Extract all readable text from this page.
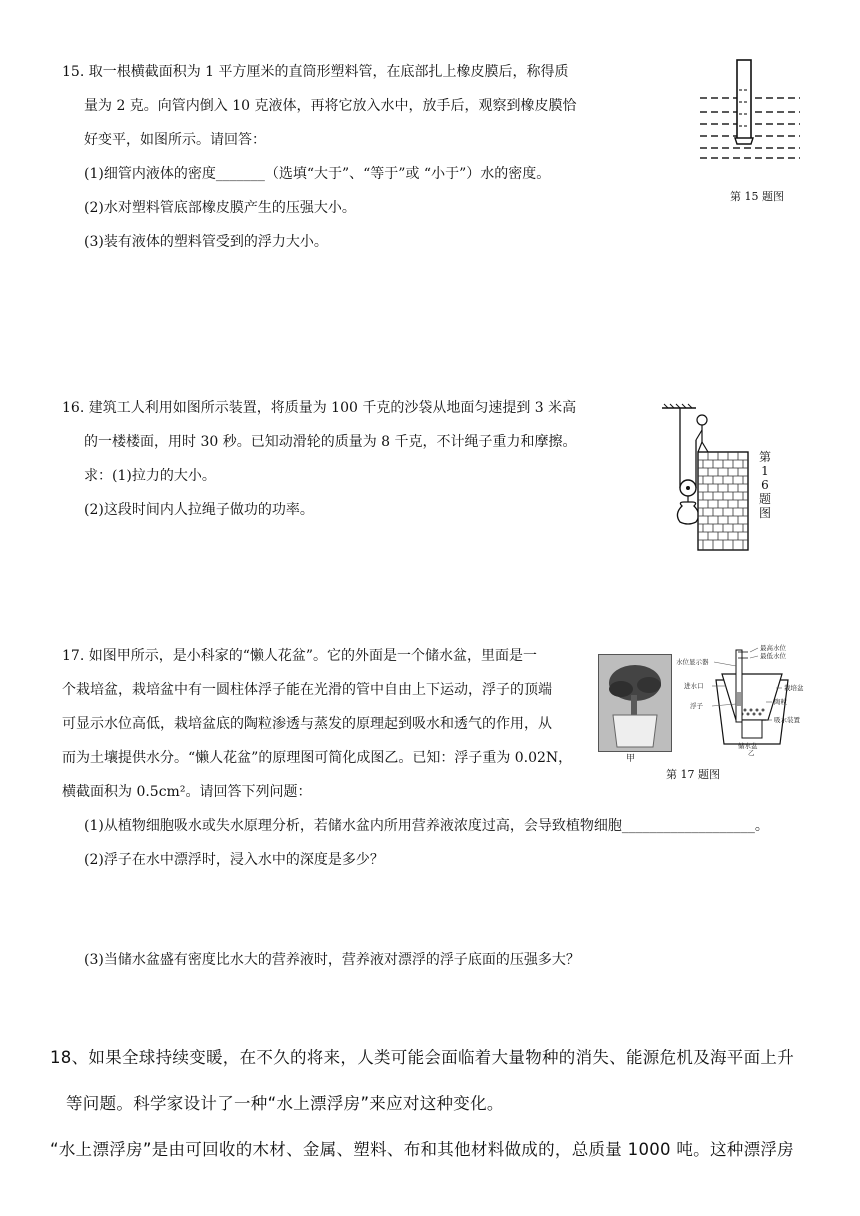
15. 取一根横截面积为 1 平方厘米的直筒形塑料管，在底部扎上橡皮膜后，称得质
量为 2 克。向管内倒入 10 克液体，再将它放入水中，放手后，观察到橡皮膜恰
好变平，如图所示。请回答：
(1)细管内液体的密度_______（选填“大于”、“等于”或 “小于”）水的密度。
(2)水对塑料管底部橡皮膜产生的压强大小。
(3)装有液体的塑料管受到的浮力大小。
第 15 题图
16. 建筑工人利用如图所示装置，将质量为 100 千克的沙袋从地面匀速提到 3 米高
的一楼楼面，用时 30 秒。已知动滑轮的质量为 8 千克，不计绳子重力和摩擦。
求：(1)拉力的大小。
(2)这段时间内人拉绳子做功的功率。
第16题图
17. 如图甲所示，是小科家的“懒人花盆”。它的外面是一个储水盆，里面是一
个栽培盆，栽培盆中有一圆柱体浮子能在光滑的管中自由上下运动，浮子的顶端
可显示水位高低，栽培盆底的陶粒渗透与蒸发的原理起到吸水和透气的作用，从
而为土壤提供水分。“懒人花盆”的原理图可简化成图乙。已知：浮子重为 0.02N，
横截面积为 0.5cm²。请回答下列问题：
(1)从植物细胞吸水或失水原理分析，若储水盆内所用营养液浓度过高，会导致植物细胞___________________。
(2)浮子在水中漂浮时，浸入水中的深度是多少？
(3)当储水盆盛有密度比水大的营养液时，营养液对漂浮的浮子底面的压强多大？
甲
最高水位
最低水位
水位显示器
进水口	栽培盆
陶粒
浮子
吸水装置
储水盆
乙
第 17 题图
18、如果全球持续变暖，在不久的将来，人类可能会面临着大量物种的消失、能源危机及海平面上升
等问题。科学家设计了一种“水上漂浮房”来应对这种变化。
“水上漂浮房”是由可回收的木材、金属、塑料、布和其他材料做成的，总质量 1000 吨。这种漂浮房
